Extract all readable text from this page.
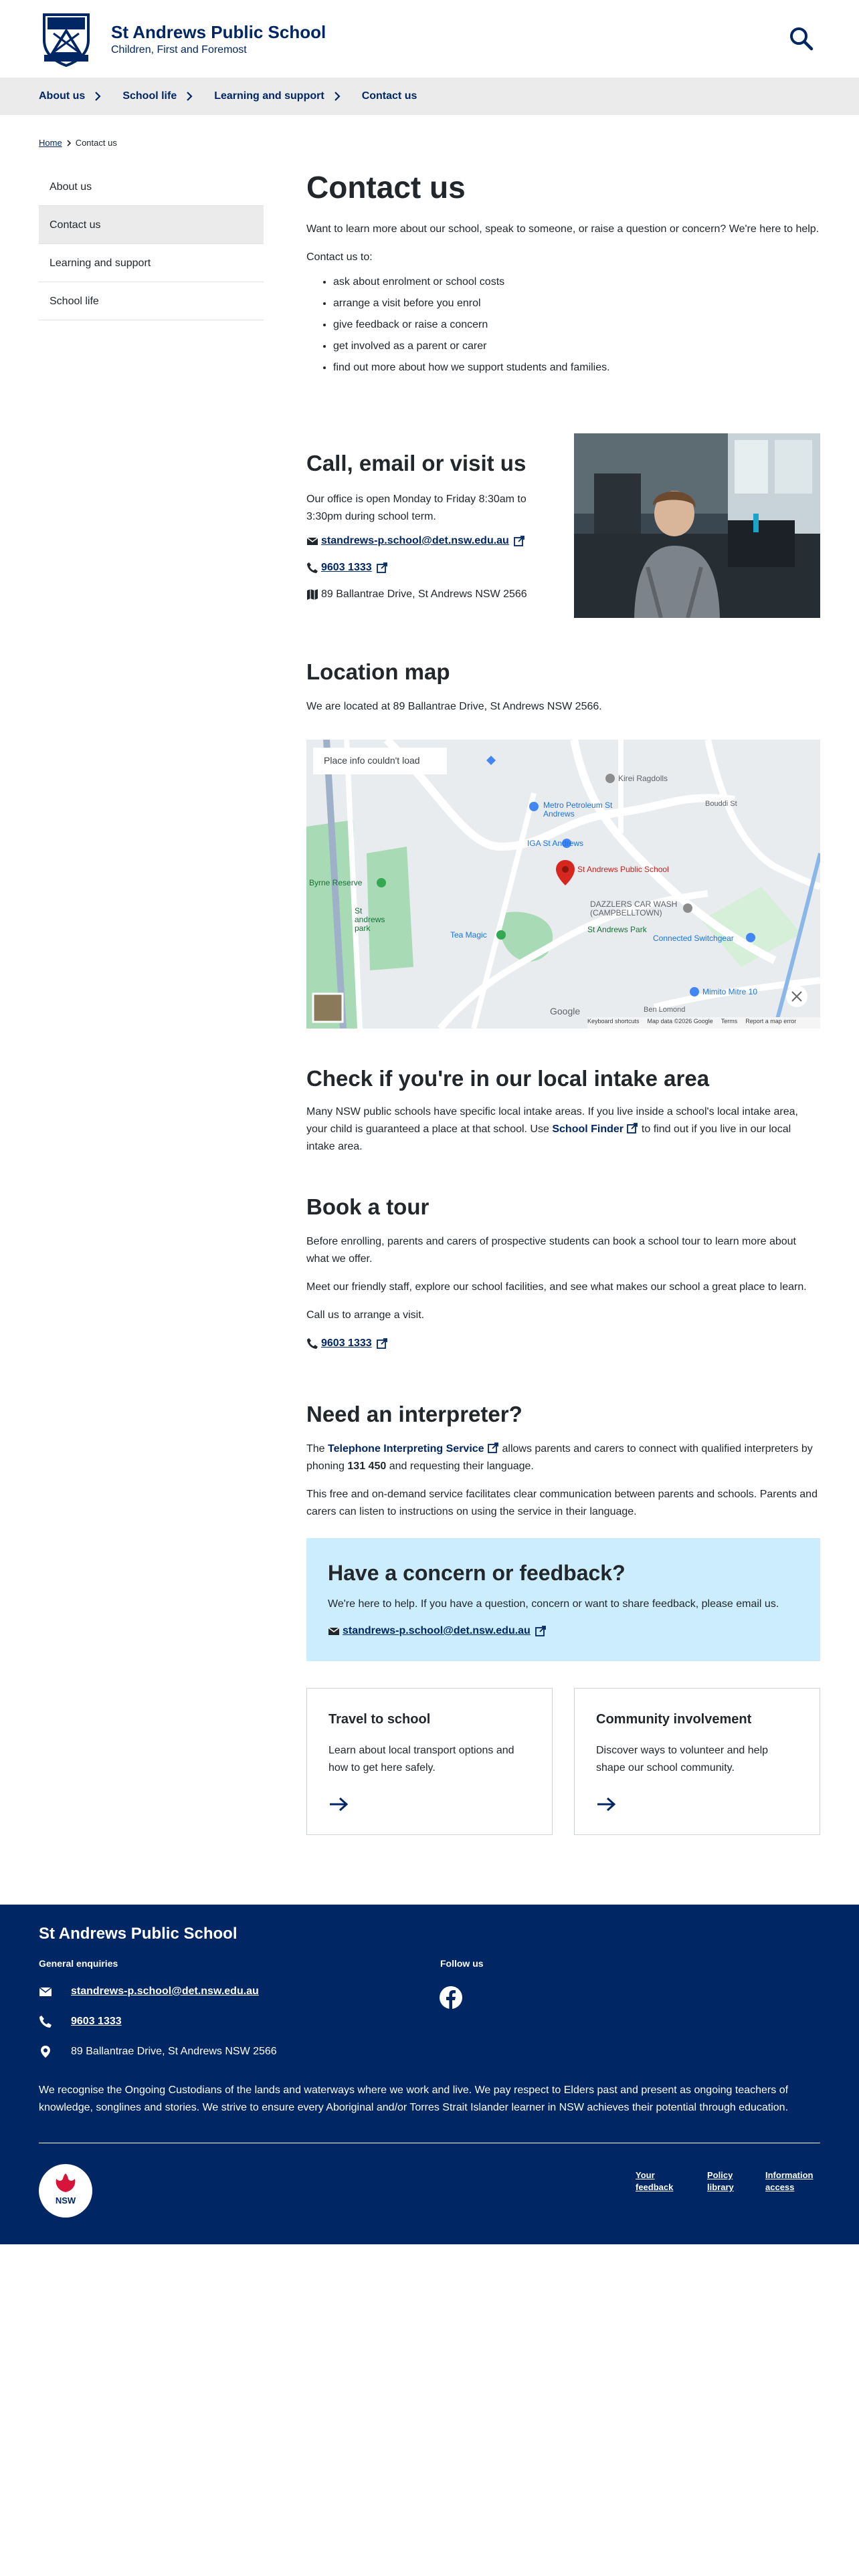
St Andrews Public School
Children, First and Foremost
About us	School life	Learning and support	Contact us
Home Contact us
About us
Contact us
Learning and support
School life
Contact us

Want to learn more about our school, speak to someone, or raise a question or concern? We're here to help.

Contact us to:

• ask about enrolment or school costs
• arrange a visit before you enrol
• give feedback or raise a concern
• get involved as a parent or carer
• find out more about how we support students and families.
Call, email or visit us

Our office is open Monday to Friday 8:30am to 3:30pm during school term.

standrews-p.school@det.nsw.edu.au
9603 1333
89 Ballantrae Drive, St Andrews NSW 2566
Location map

We are located at 89 Ballantrae Drive, St Andrews NSW 2566.

Place info couldn't load
St Andrews Public School
Kirei Ragdolls
Metro Petroleum St Andrews
IGA St Andrews
DAZZLERS CAR WASH (CAMPBELLTOWN)
St Andrews Park
Tea Magic	Connected Switchgear
Mimito Mitre 10
Byrne Reserve
St andrews park
Bouddi St
Ben Lomond
Google
Keyboard shortcuts Map data ©2026 Google Terms Report a map error
Check if you're in our local intake area

Many NSW public schools have specific local intake areas. If you live inside a school's local intake area, your child is guaranteed a place at that school. Use School Finder to find out if you live in our local intake area.

Book a tour

Before enrolling, parents and carers of prospective students can book a school tour to learn more about what we offer.

Meet our friendly staff, explore our school facilities, and see what makes our school a great place to learn.

Call us to arrange a visit.

9603 1333
Need an interpreter?

The Telephone Interpreting Service allows parents and carers to connect with qualified interpreters by phoning 131 450 and requesting their language.

This free and on-demand service facilitates clear communication between parents and schools. Parents and carers can listen to instructions on using the service in their language.

Have a concern or feedback?

We're here to help. If you have a question, concern or want to share feedback, please email us.

standrews-p.school@det.nsw.edu.au
Travel to school

Learn about local transport options and how to get here safely.

Community involvement

Discover ways to volunteer and help shape our school community.

St Andrews Public School
General enquiries
standrews-p.school@det.nsw.edu.au
9603 1333
89 Ballantrae Drive, St Andrews NSW 2566
Follow us

We recognise the Ongoing Custodians of the lands and waterways where we work and live. We pay respect to Elders past and present as ongoing teachers of knowledge, songlines and stories. We strive to ensure every Aboriginal and/or Torres Strait Islander learner in NSW achieves their potential through education.

NSW
Your
feedback
Policy
library
Information
access
